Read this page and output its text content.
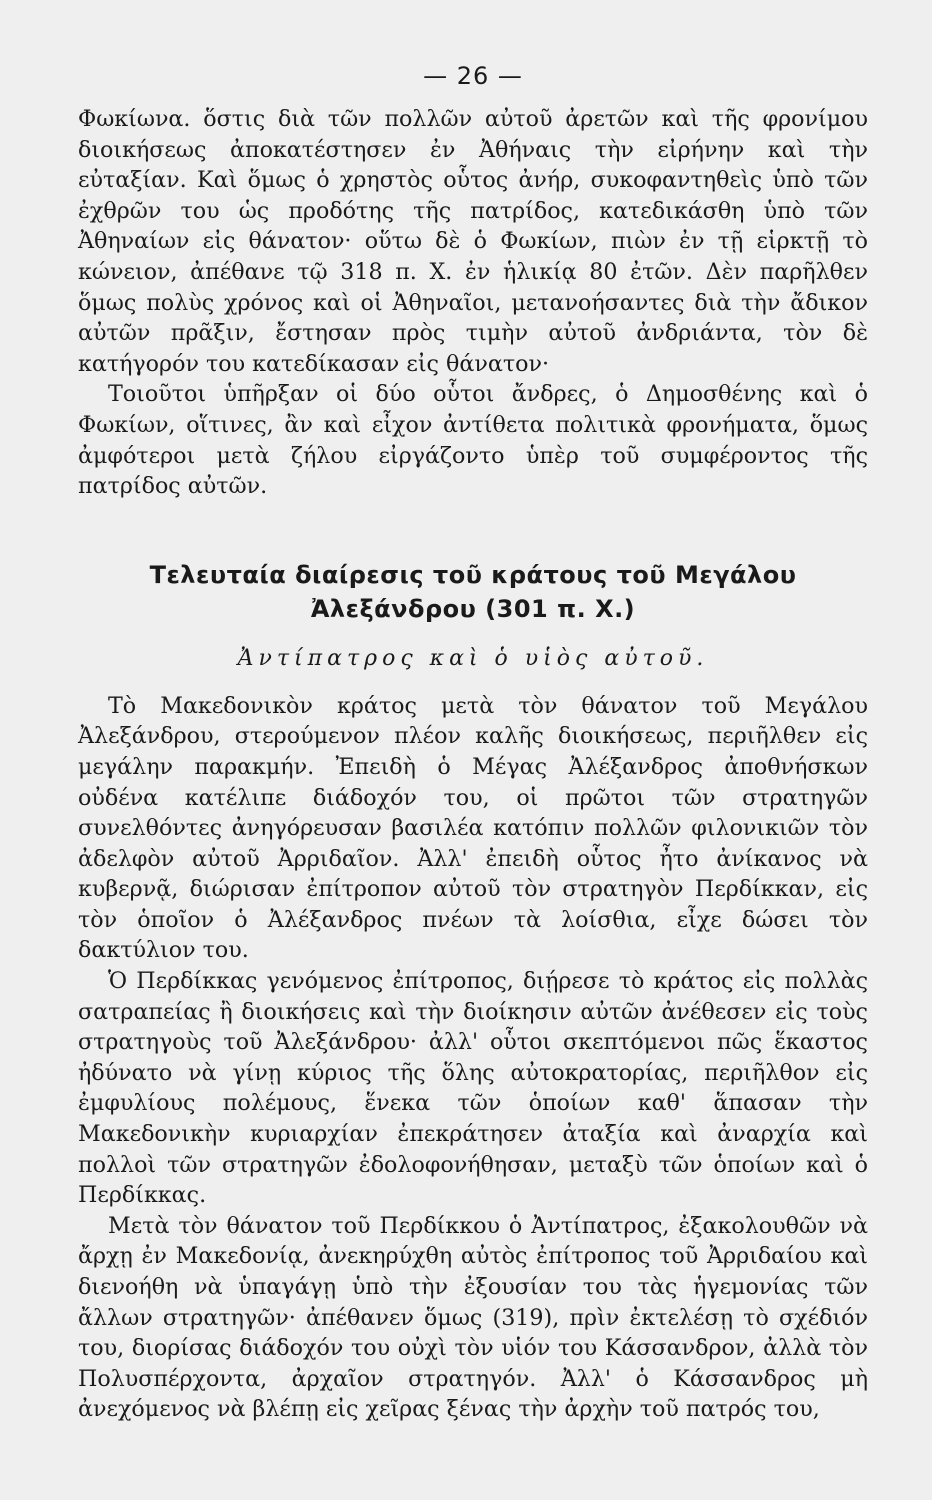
— 26 —

Φωκίωνα. ὅστις διὰ τῶν πολλῶν αὐτοῦ ἀρετῶν καὶ τῆς φρονίμου διοικήσεως ἀποκατέστησεν ἐν Ἀθήναις τὴν εἰρήνην καὶ τὴν εὐταξίαν. Καὶ ὅμως ὁ χρηστὸς οὗτος ἀνήρ, συκοφαντηθεὶς ὑπὸ τῶν ἐχθρῶν του ὡς προδότης τῆς πατρίδος, κατεδικάσθη ὑπὸ τῶν Ἀθηναίων εἰς θάνατον· οὕτω δὲ ὁ Φωκίων, πιὼν ἐν τῇ εἱρκτῇ τὸ κώνειον, ἀπέθανε τῷ 318 π. Χ. ἐν ἡλικίᾳ 80 ἐτῶν. Δὲν παρῆλθεν ὅμως πολὺς χρόνος καὶ οἱ Ἀθηναῖοι, μετανοήσαντες διὰ τὴν ἄδικον αὐτῶν πρᾶξιν, ἔστησαν πρὸς τιμὴν αὐτοῦ ἀνδριάντα, τὸν δὲ κατήγορόν του κατεδίκασαν εἰς θάνατον·

Τοιοῦτοι ὑπῆρξαν οἱ δύο οὗτοι ἄνδρες, ὁ Δημοσθένης καὶ ὁ Φωκίων, οἵτινες, ἂν καὶ εἶχον ἀντίθετα πολιτικὰ φρονήματα, ὅμως ἀμφότεροι μετὰ ζήλου εἰργάζοντο ὑπὲρ τοῦ συμφέροντος τῆς πατρίδος αὐτῶν.

Τελευταία διαίρεσις τοῦ κράτους τοῦ Μεγάλου Ἀλεξάνδρου (301 π. Χ.)
Ἀντίπατρος καὶ ὁ υἱὸς αὐτοῦ.

Τὸ Μακεδονικὸν κράτος μετὰ τὸν θάνατον τοῦ Μεγάλου Ἀλεξάνδρου, στερούμενον πλέον καλῆς διοικήσεως, περιῆλθεν εἰς μεγάλην παρακμήν. Ἐπειδὴ ὁ Μέγας Ἀλέξανδρος ἀποθνήσκων οὐδένα κατέλιπε διάδοχόν του, οἱ πρῶτοι τῶν στρατηγῶν συνελθόντες ἀνηγόρευσαν βασιλέα κατόπιν πολλῶν φιλονικιῶν τὸν ἀδελφὸν αὐτοῦ Ἀρριδαῖον. Ἀλλ' ἐπειδὴ οὗτος ἦτο ἀνίκανος νὰ κυβερνᾷ, διώρισαν ἐπίτροπον αὐτοῦ τὸν στρατηγὸν Περδίκκαν, εἰς τὸν ὁποῖον ὁ Ἀλέξανδρος πνέων τὰ λοίσθια, εἶχε δώσει τὸν δακτύλιον του.

Ὁ Περδίκκας γενόμενος ἐπίτροπος, διῄρεσε τὸ κράτος εἰς πολλὰς σατραπείας ἢ διοικήσεις καὶ τὴν διοίκησιν αὐτῶν ἀνέθεσεν εἰς τοὺς στρατηγοὺς τοῦ Ἀλεξάνδρου· ἀλλ' οὗτοι σκεπτόμενοι πῶς ἕκαστος ἠδύνατο νὰ γίνῃ κύριος τῆς ὅλης αὐτοκρατορίας, περιῆλθον εἰς ἐμφυλίους πολέμους, ἕνεκα τῶν ὁποίων καθ' ἅπασαν τὴν Μακεδονικὴν κυριαρχίαν ἐπεκράτησεν ἀταξία καὶ ἀναρχία καὶ πολλοὶ τῶν στρατηγῶν ἐδολοφονήθησαν, μεταξὺ τῶν ὁποίων καὶ ὁ Περδίκκας.

Μετὰ τὸν θάνατον τοῦ Περδίκκου ὁ Ἀντίπατρος, ἐξακολουθῶν νὰ ἄρχῃ ἐν Μακεδονίᾳ, ἀνεκηρύχθη αὐτὸς ἐπίτροπος τοῦ Ἀρριδαίου καὶ διενοήθη νὰ ὑπαγάγῃ ὑπὸ τὴν ἐξουσίαν του τὰς ἡγεμονίας τῶν ἄλλων στρατηγῶν· ἀπέθανεν ὅμως (319), πρὶν ἐκτελέσῃ τὸ σχέδιόν του, διορίσας διάδοχόν του οὐχὶ τὸν υἱόν του Κάσσανδρον, ἀλλὰ τὸν Πολυσπέρχοντα, ἀρχαῖον στρατηγόν. Ἀλλ' ὁ Κάσσανδρος μὴ ἀνεχόμενος νὰ βλέπῃ εἰς χεῖρας ξένας τὴν ἀρχὴν τοῦ πατρός του,
